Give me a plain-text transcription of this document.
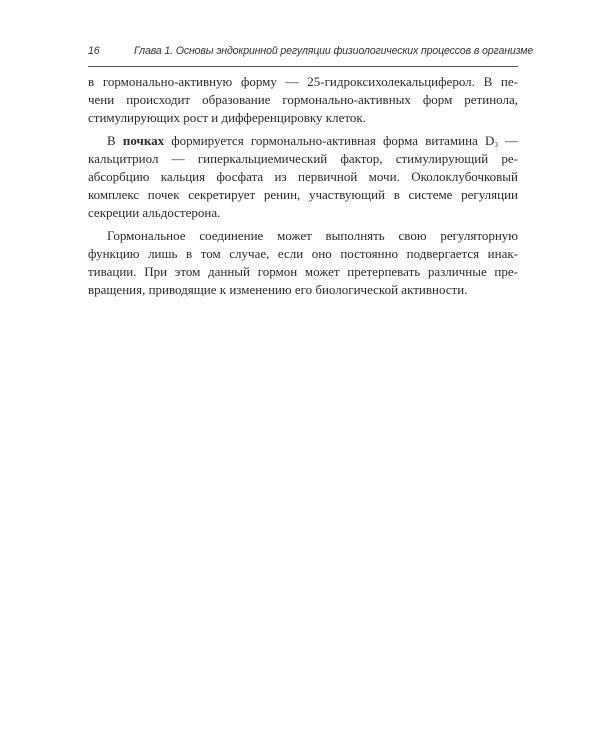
16	Глава 1. Основы эндокринной регуляции физиологических процессов в организме
в гормонально-активную форму — 25-гидроксихолекальциферол. В пе-
чени происходит образование гормонально-активных форм ретинола,
стимулирующих рост и дифференцировку клеток.
В почках формируется гормонально-активная форма витамина $D_3$ —
кальцитриол — гиперкальциемический фактор, стимулирующий ре-
абсорбцию кальция фосфата из первичной мочи. Околоклубочковый
комплекс почек секретирует ренин, участвующий в системе регуляции
секреции альдостерона.
Гормональное соединение может выполнять свою регуляторную
функцию лишь в том случае, если оно постоянно подвергается инак-
тивации. При этом данный гормон может претерпевать различные пре-
вращения, приводящие к изменению его биологической активности.
